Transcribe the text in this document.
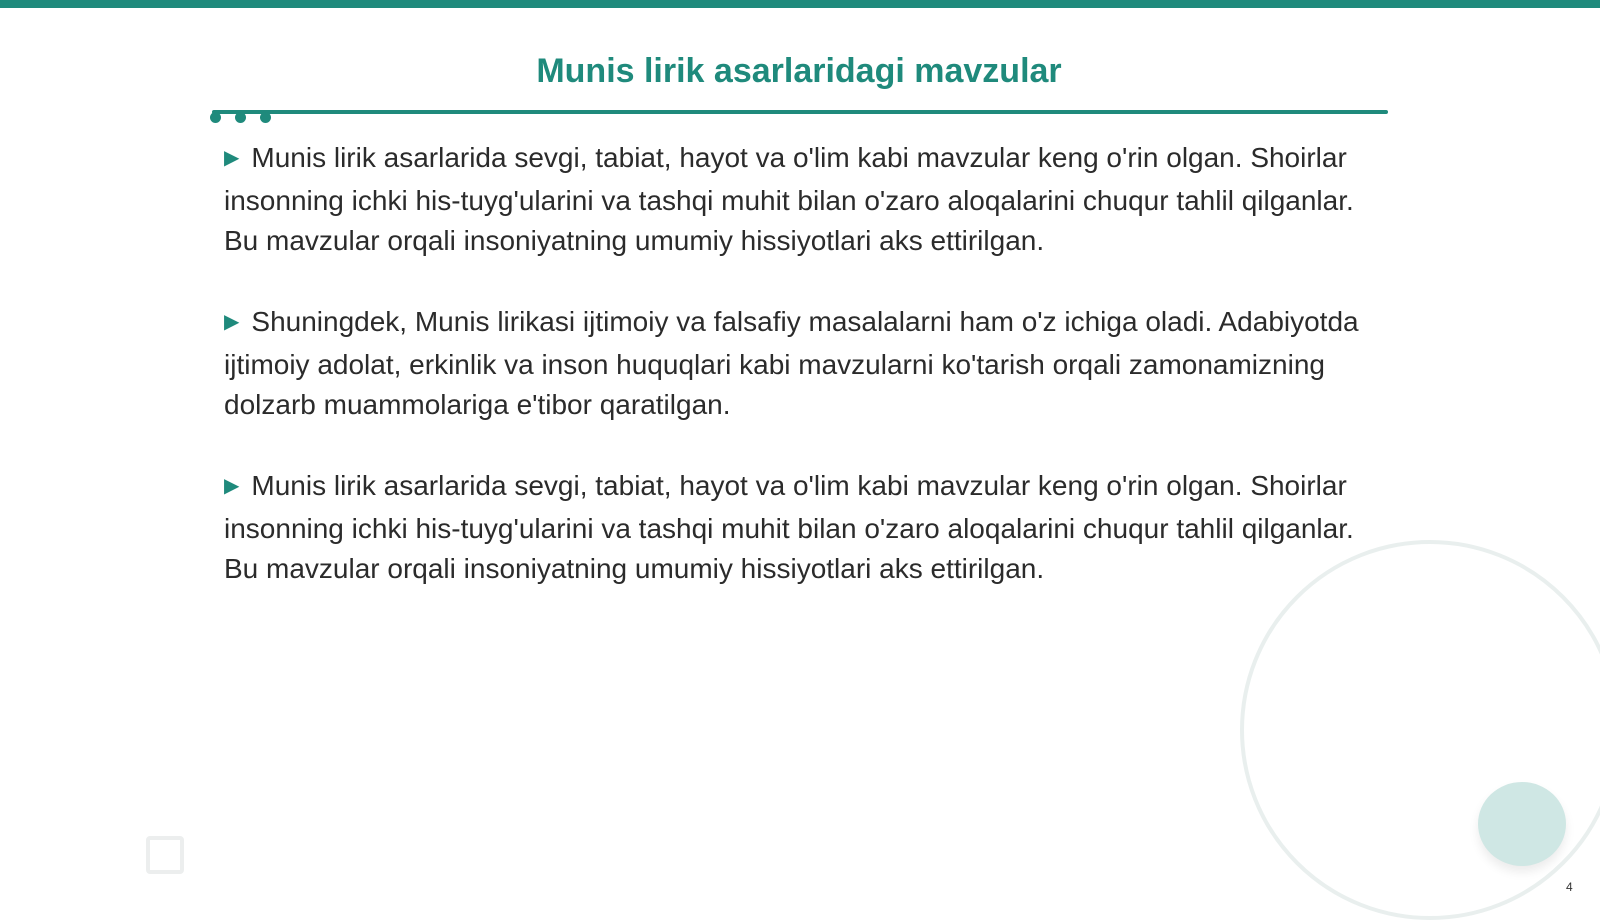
Munis lirik asarlaridagi mavzular

▶ Munis lirik asarlarida sevgi, tabiat, hayot va o'lim kabi mavzular keng o'rin olgan. Shoirlar insonning ichki his-tuyg'ularini va tashqi muhit bilan o'zaro aloqalarini chuqur tahlil qilganlar. Bu mavzular orqali insoniyatning umumiy hissiyotlari aks ettirilgan.

▶ Shuningdek, Munis lirikasi ijtimoiy va falsafiy masalalarni ham o'z ichiga oladi. Adabiyotda ijtimoiy adolat, erkinlik va inson huquqlari kabi mavzularni ko'tarish orqali zamonamizning dolzarb muammolariga e'tibor qaratilgan.

▶ Munis lirik asarlarida sevgi, tabiat, hayot va o'lim kabi mavzular keng o'rin olgan. Shoirlar insonning ichki his-tuyg'ularini va tashqi muhit bilan o'zaro aloqalarini chuqur tahlil qilganlar. Bu mavzular orqali insoniyatning umumiy hissiyotlari aks ettirilgan.

4
